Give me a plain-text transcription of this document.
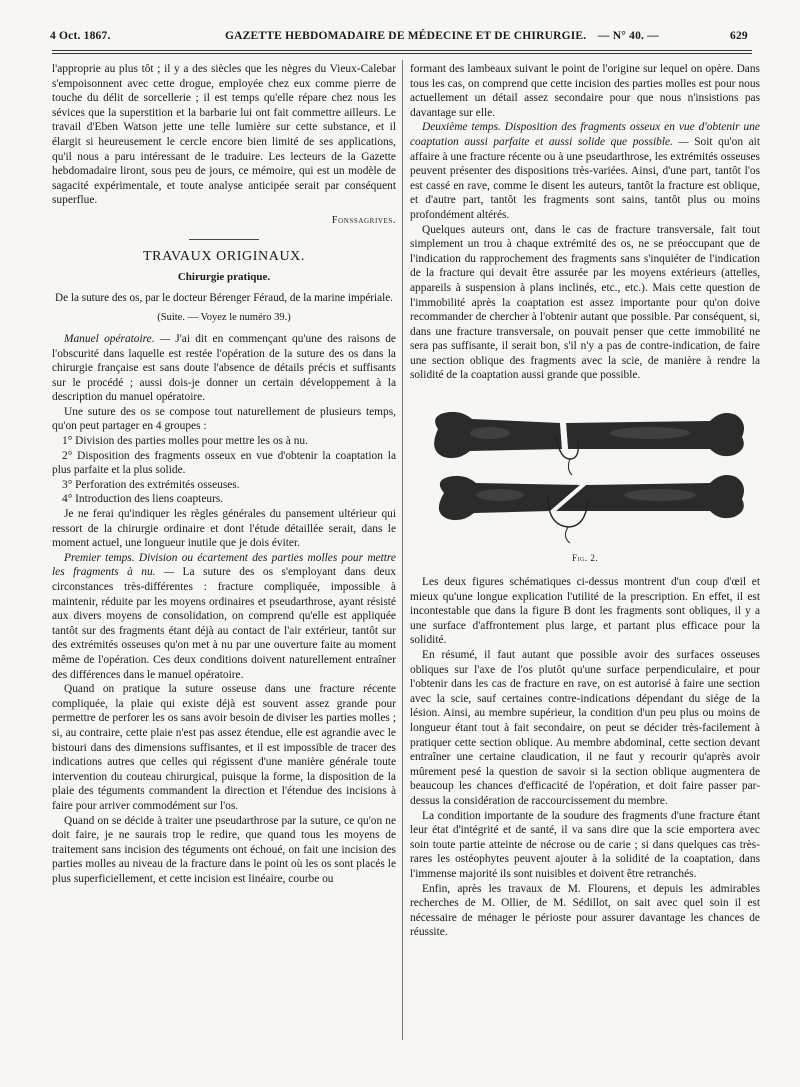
4 Oct. 1867.	GAZETTE HEBDOMADAIRE DE MÉDECINE ET DE CHIRURGIE. — N° 40. —	629

l'approprie au plus tôt ; il y a des siècles que les nègres du Vieux-Calebar s'empoisonnent avec cette drogue, employée chez eux comme pierre de touche du délit de sorcellerie ; il est temps qu'elle répare chez nous les sévices que la superstition et la barbarie lui ont fait commettre ailleurs. Le travail d'Eben Watson jette une telle lumière sur cette substance, et il élargit si heureusement le cercle encore bien limité de ses applications, qu'il nous a paru intéressant de le traduire. Les lecteurs de la Gazette hebdomadaire liront, sous peu de jours, ce mémoire, qui est un modèle de sagacité expérimentale, et toute analyse anticipée serait par conséquent superflue.

Fonssagrives.
TRAVAUX ORIGINAUX.
Chirurgie pratique.
De la suture des os, par le docteur Bérenger Féraud, de la marine impériale.
(Suite. — Voyez le numéro 39.)

Manuel opératoire. — J'ai dit en commençant qu'une des raisons de l'obscurité dans laquelle est restée l'opération de la suture des os dans la chirurgie française est sans doute l'absence de détails précis et suffisants sur le procédé ; aussi dois-je donner un certain développement à la description du manuel opératoire.

Une suture des os se compose tout naturellement de plusieurs temps, qu'on peut partager en 4 groupes :

1° Division des parties molles pour mettre les os à nu.

2° Disposition des fragments osseux en vue d'obtenir la coaptation la plus parfaite et la plus solide.

3° Perforation des extrémités osseuses.

4° Introduction des liens coapteurs.

Je ne ferai qu'indiquer les règles générales du pansement ultérieur qui ressort de la chirurgie ordinaire et dont l'étude détaillée serait, dans le moment actuel, une longueur inutile que je dois éviter.

Premier temps. Division ou écartement des parties molles pour mettre les fragments à nu. — La suture des os s'employant dans deux circonstances très-différentes : fracture compliquée, impossible à maintenir, réduite par les moyens ordinaires et pseudarthrose, ayant résisté aux divers moyens de consolidation, on comprend qu'elle est appliquée tantôt sur des fragments étant déjà au contact de l'air extérieur, tantôt sur des extrémités osseuses qu'on met à nu par une ouverture faite au moment même de l'opération. Ces deux conditions doivent naturellement entraîner des différences dans le manuel opératoire.

Quand on pratique la suture osseuse dans une fracture récente compliquée, la plaie qui existe déjà est souvent assez grande pour permettre de perforer les os sans avoir besoin de diviser les parties molles ; si, au contraire, cette plaie n'est pas assez étendue, elle est agrandie avec le bistouri dans des dimensions suffisantes, et il est impossible de tracer des indications autres que celles qui régissent d'une manière générale toute intervention du couteau chirurgical, puisque la forme, la disposition de la plaie des téguments commandent la direction et l'étendue des incisions à faire pour arriver commodément sur l'os.

Quand on se décide à traiter une pseudarthrose par la suture, ce qu'on ne doit faire, je ne saurais trop le redire, que quand tous les moyens de traitement sans incision des téguments ont échoué, on fait une incision des parties molles au niveau de la fracture dans le point où les os sont placés le plus superficiellement, et cette incision est linéaire, courbe ou

formant des lambeaux suivant le point de l'origine sur lequel on opère. Dans tous les cas, on comprend que cette incision des parties molles est pour nous actuellement un détail assez secondaire pour que nous n'insistions pas davantage sur elle.

Deuxième temps. Disposition des fragments osseux en vue d'obtenir une coaptation aussi parfaite et aussi solide que possible. — Soit qu'on ait affaire à une fracture récente ou à une pseudarthrose, les extrémités osseuses peuvent présenter des dispositions très-variées. Ainsi, d'une part, tantôt l'os est cassé en rave, comme le disent les auteurs, tantôt la fracture est oblique, et d'autre part, tantôt les fragments sont sains, tantôt plus ou moins profondément altérés.

Quelques auteurs ont, dans le cas de fracture transversale, fait tout simplement un trou à chaque extrémité des os, ne se préoccupant que de l'indication du rapprochement des fragments sans s'inquiéter de l'indication de la fracture qui devait être assurée par les moyens extérieurs (attelles, appareils à suspension à plans inclinés, etc., etc.). Mais cette question de l'immobilité après la coaptation est assez importante pour qu'on doive recommander de chercher à l'obtenir autant que possible. Par conséquent, si, dans une fracture transversale, on pouvait penser que cette immobilité ne sera pas suffisante, il serait bon, s'il n'y a pas de contre-indication, de faire une section oblique des fragments avec la scie, de manière à rendre la solidité de la coaptation aussi grande que possible.

Fig. 2.

Les deux figures schématiques ci-dessus montrent d'un coup d'œil et mieux qu'une longue explication l'utilité de la prescription. En effet, il est incontestable que dans la figure B dont les fragments sont obliques, il y a une surface d'affrontement plus large, et partant plus efficace pour la solidité.

En résumé, il faut autant que possible avoir des surfaces osseuses obliques sur l'axe de l'os plutôt qu'une surface perpendiculaire, et pour l'obtenir dans les cas de fracture en rave, on est autorisé à faire une section avec la scie, sauf certaines contre-indications dépendant du siége de la lésion. Ainsi, au membre supérieur, la condition d'un peu plus ou moins de longueur étant tout à fait secondaire, on peut se décider très-facilement à pratiquer cette section oblique. Au membre abdominal, cette section devant entraîner une certaine claudication, il ne faut y recourir qu'après avoir mûrement pesé la question de savoir si la section oblique augmentera de beaucoup les chances d'efficacité de l'opération, et doit faire passer par-dessus la considération de raccourcissement du membre.

La condition importante de la soudure des fragments d'une fracture étant leur état d'intégrité et de santé, il va sans dire que la scie emportera avec soin toute partie atteinte de nécrose ou de carie ; si dans quelques cas très-rares les ostéophytes peuvent ajouter à la solidité de la coaptation, dans l'immense majorité ils sont nuisibles et doivent être retranchés.

Enfin, après les travaux de M. Flourens, et depuis les admirables recherches de M. Ollier, de M. Sédillot, on sait avec quel soin il est nécessaire de ménager le périoste pour assurer davantage les chances de réussite.
